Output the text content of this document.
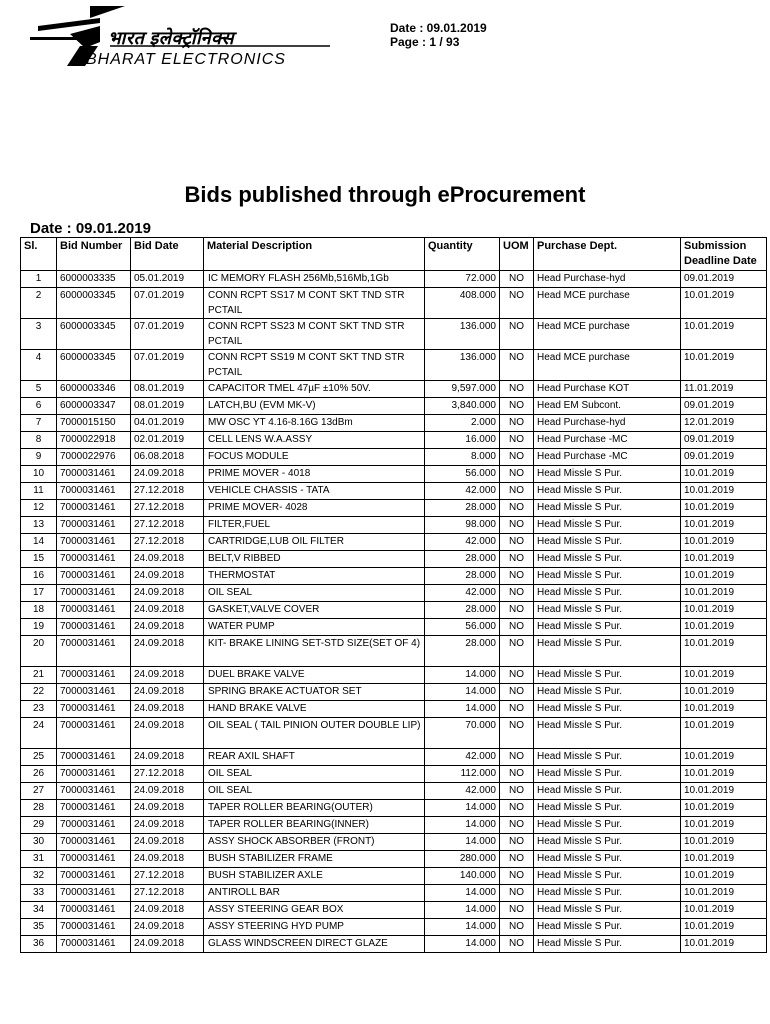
भारत इलेक्ट्रॉनिक्स
BHARAT ELECTRONICS
Date : 09.01.2019
Page : 1 / 93
Bids published through eProcurement
Date : 09.01.2019
Sl.	Bid Number	Bid Date	Material Description	Quantity	UOM	Purchase Dept.	Submission Deadline Date
1	6000003335	05.01.2019	IC MEMORY FLASH 256Mb,516Mb,1Gb	72.000	NO	Head Purchase-hyd	09.01.2019
2	6000003345	07.01.2019	CONN RCPT SS17 M CONT SKT TND STR PCTAIL	408.000	NO	Head MCE purchase	10.01.2019
3	6000003345	07.01.2019	CONN RCPT SS23 M CONT SKT TND STR PCTAIL	136.000	NO	Head MCE purchase	10.01.2019
4	6000003345	07.01.2019	CONN RCPT SS19 M CONT SKT TND STR PCTAIL	136.000	NO	Head MCE purchase	10.01.2019
5	6000003346	08.01.2019	CAPACITOR TMEL 47µF ±10% 50V.	9,597.000	NO	Head Purchase KOT	11.01.2019
6	6000003347	08.01.2019	LATCH,BU (EVM MK-V)	3,840.000	NO	Head EM Subcont.	09.01.2019
7	7000015150	04.01.2019	MW OSC YT 4.16-8.16G 13dBm	2.000	NO	Head Purchase-hyd	12.01.2019
8	7000022918	02.01.2019	CELL LENS W.A.ASSY	16.000	NO	Head Purchase -MC	09.01.2019
9	7000022976	06.08.2018	FOCUS MODULE	8.000	NO	Head Purchase -MC	09.01.2019
10	7000031461	24.09.2018	PRIME MOVER - 4018	56.000	NO	Head Missle S Pur.	10.01.2019
11	7000031461	27.12.2018	VEHICLE CHASSIS - TATA	42.000	NO	Head Missle S Pur.	10.01.2019
12	7000031461	27.12.2018	PRIME MOVER- 4028	28.000	NO	Head Missle S Pur.	10.01.2019
13	7000031461	27.12.2018	FILTER,FUEL	98.000	NO	Head Missle S Pur.	10.01.2019
14	7000031461	27.12.2018	CARTRIDGE,LUB OIL FILTER	42.000	NO	Head Missle S Pur.	10.01.2019
15	7000031461	24.09.2018	BELT,V RIBBED	28.000	NO	Head Missle S Pur.	10.01.2019
16	7000031461	24.09.2018	THERMOSTAT	28.000	NO	Head Missle S Pur.	10.01.2019
17	7000031461	24.09.2018	OIL SEAL	42.000	NO	Head Missle S Pur.	10.01.2019
18	7000031461	24.09.2018	GASKET,VALVE COVER	28.000	NO	Head Missle S Pur.	10.01.2019
19	7000031461	24.09.2018	WATER PUMP	56.000	NO	Head Missle S Pur.	10.01.2019
20	7000031461	24.09.2018	KIT- BRAKE LINING SET-STD SIZE(SET OF 4)	28.000	NO	Head Missle S Pur.	10.01.2019
21	7000031461	24.09.2018	DUEL BRAKE VALVE	14.000	NO	Head Missle S Pur.	10.01.2019
22	7000031461	24.09.2018	SPRING BRAKE ACTUATOR SET	14.000	NO	Head Missle S Pur.	10.01.2019
23	7000031461	24.09.2018	HAND BRAKE VALVE	14.000	NO	Head Missle S Pur.	10.01.2019
24	7000031461	24.09.2018	OIL SEAL ( TAIL PINION OUTER DOUBLE LIP)	70.000	NO	Head Missle S Pur.	10.01.2019
25	7000031461	24.09.2018	REAR AXIL SHAFT	42.000	NO	Head Missle S Pur.	10.01.2019
26	7000031461	27.12.2018	OIL SEAL	112.000	NO	Head Missle S Pur.	10.01.2019
27	7000031461	24.09.2018	OIL SEAL	42.000	NO	Head Missle S Pur.	10.01.2019
28	7000031461	24.09.2018	TAPER ROLLER BEARING(OUTER)	14.000	NO	Head Missle S Pur.	10.01.2019
29	7000031461	24.09.2018	TAPER ROLLER BEARING(INNER)	14.000	NO	Head Missle S Pur.	10.01.2019
30	7000031461	24.09.2018	ASSY SHOCK ABSORBER (FRONT)	14.000	NO	Head Missle S Pur.	10.01.2019
31	7000031461	24.09.2018	BUSH STABILIZER FRAME	280.000	NO	Head Missle S Pur.	10.01.2019
32	7000031461	27.12.2018	BUSH STABILIZER AXLE	140.000	NO	Head Missle S Pur.	10.01.2019
33	7000031461	27.12.2018	ANTIROLL BAR	14.000	NO	Head Missle S Pur.	10.01.2019
34	7000031461	24.09.2018	ASSY STEERING GEAR BOX	14.000	NO	Head Missle S Pur.	10.01.2019
35	7000031461	24.09.2018	ASSY STEERING HYD PUMP	14.000	NO	Head Missle S Pur.	10.01.2019
36	7000031461	24.09.2018	GLASS WINDSCREEN DIRECT GLAZE	14.000	NO	Head Missle S Pur.	10.01.2019
